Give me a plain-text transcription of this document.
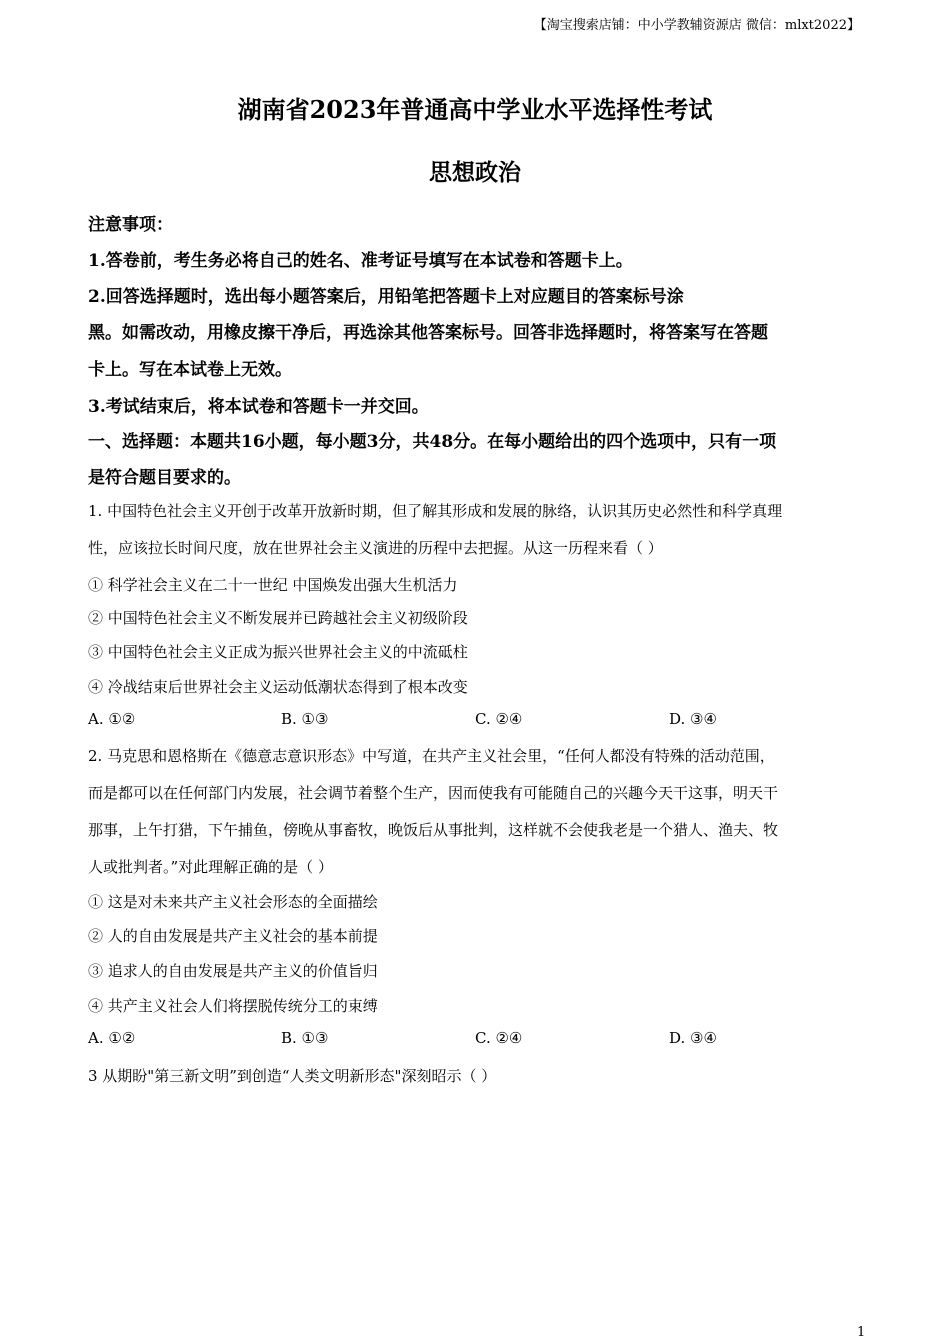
【淘宝搜索店铺：中小学教辅资源店 微信：mlxt2022】
湖南省2023年普通高中学业水平选择性考试
思想政治
注意事项：
1.答卷前，考生务必将自己的姓名、准考证号填写在本试卷和答题卡上。
2.回答选择题时，选出每小题答案后，用铅笔把答题卡上对应题目的答案标号涂
黑。如需改动，用橡皮擦干净后，再选涂其他答案标号。回答非选择题时，将答案写在答题
卡上。写在本试卷上无效。
3.考试结束后，将本试卷和答题卡一并交回。
一、选择题：本题共16小题，每小题3分，共48分。在每小题给出的四个选项中，只有一项
是符合题目要求的。
1. 中国特色社会主义开创于改革开放新时期，但了解其形成和发展的脉络，认识其历史必然性和科学真理
性，应该拉长时间尺度，放在世界社会主义演进的历程中去把握。从这一历程来看（ ）
① 科学社会主义在二十一世纪 中国焕发出强大生机活力
② 中国特色社会主义不断发展并已跨越社会主义初级阶段
③ 中国特色社会主义正成为振兴世界社会主义的中流砥柱
④ 冷战结束后世界社会主义运动低潮状态得到了根本改变
A. ①②	B. ①③	C. ②④	D. ③④
2. 马克思和恩格斯在《德意志意识形态》中写道，在共产主义社会里，“任何人都没有特殊的活动范围，
而是都可以在任何部门内发展，社会调节着整个生产，因而使我有可能随自己的兴趣今天干这事，明天干
那事，上午打猎，下午捕鱼，傍晚从事畜牧，晚饭后从事批判，这样就不会使我老是一个猎人、渔夫、牧
人或批判者。”对此理解正确的是（ ）
① 这是对未来共产主义社会形态的全面描绘
② 人的自由发展是共产主义社会的基本前提
③ 追求人的自由发展是共产主义的价值旨归
④ 共产主义社会人们将摆脱传统分工的束缚
A. ①②	B. ①③	C. ②④	D. ③④
3 从期盼"第三新文明”到创造“人类文明新形态"深刻昭示（ ）
1
